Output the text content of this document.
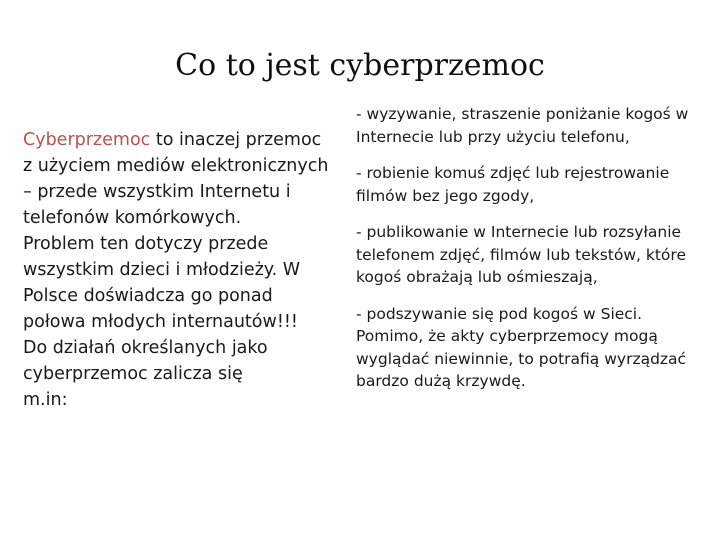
Co to jest cyberprzemoc
Cyberprzemoc to inaczej przemoc
z użyciem mediów elektronicznych
– przede wszystkim Internetu i
telefonów komórkowych.
Problem ten dotyczy przede
wszystkim dzieci i młodzieży. W
Polsce doświadcza go ponad
połowa młodych internautów!!!
Do działań określanych jako
cyberprzemoc zalicza się
m.in:
- wyzywanie, straszenie poniżanie kogoś w
Internecie lub przy użyciu telefonu,
- robienie komuś zdjęć lub rejestrowanie
filmów bez jego zgody,
- publikowanie w Internecie lub rozsyłanie
telefonem zdjęć, filmów lub tekstów, które
kogoś obrażają lub ośmieszają,
- podszywanie się pod kogoś w Sieci.
Pomimo, że akty cyberprzemocy mogą
wyglądać niewinnie, to potrafią wyrządzać
bardzo dużą krzywdę.
